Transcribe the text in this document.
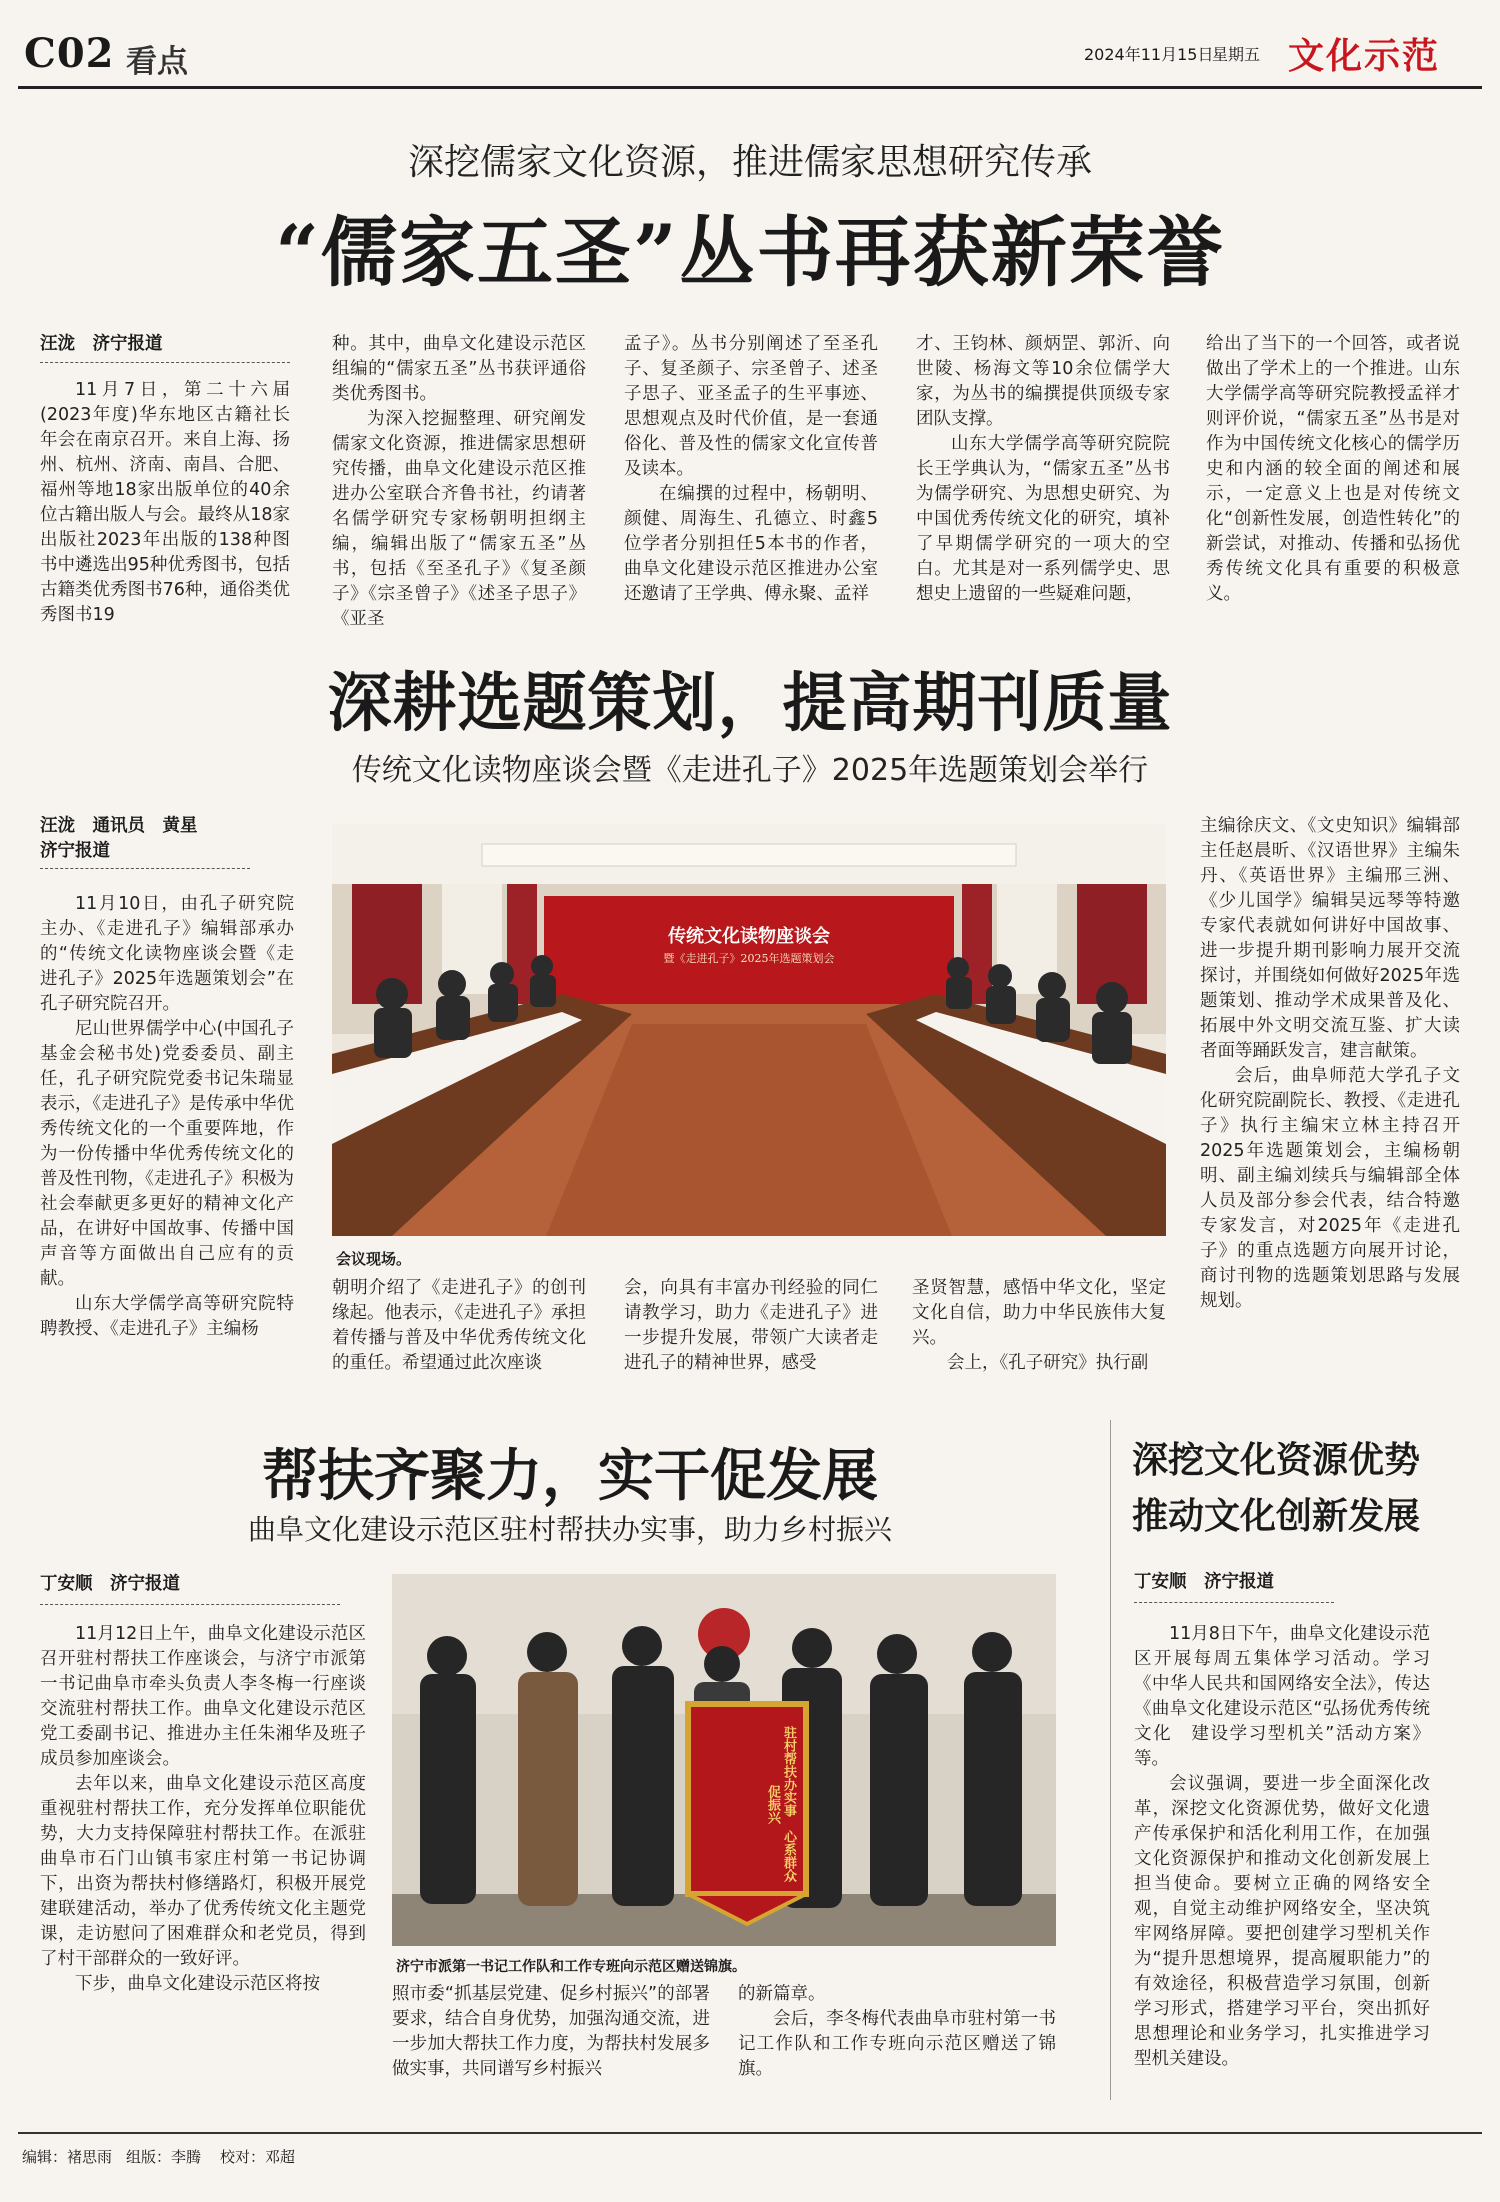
C02 看点	2024年11月15日
星期五 文化示范
深挖儒家文化资源，推进儒家思想研究传承
“儒家五圣”丛书再获新荣誉
汪泷　济宁报道

11月7日，第二十六届(2023年度)华东地区古籍社长年会在南京召开。来自上海、扬州、杭州、济南、南昌、合肥、福州等地18家出版单位的40余位古籍出版人与会。最终从18家出版社2023年出版的138种图书中遴选出95种优秀图书，包括古籍类优秀图书76种，通俗类优秀图书19

种。其中，曲阜文化建设示范区组编的“儒家五圣”丛书获评通俗类优秀图书。

为深入挖掘整理、研究阐发儒家文化资源，推进儒家思想研究传播，曲阜文化建设示范区推进办公室联合齐鲁书社，约请著名儒学研究专家杨朝明担纲主编，编辑出版了“儒家五圣”丛书，包括《至圣孔子》《复圣颜子》《宗圣曾子》《述圣子思子》《亚圣

孟子》。丛书分别阐述了至圣孔子、复圣颜子、宗圣曾子、述圣子思子、亚圣孟子的生平事迹、思想观点及时代价值，是一套通俗化、普及性的儒家文化宣传普及读本。

在编撰的过程中，杨朝明、颜健、周海生、孔德立、时鑫5位学者分别担任5本书的作者，曲阜文化建设示范区推进办公室还邀请了王学典、傅永聚、孟祥

才、王钧林、颜炳罡、郭沂、向世陵、杨海文等10余位儒学大家，为丛书的编撰提供顶级专家团队支撑。

山东大学儒学高等研究院院长王学典认为，“儒家五圣”丛书为儒学研究、为思想史研究、为中国优秀传统文化的研究，填补了早期儒学研究的一项大的空白。尤其是对一系列儒学史、思想史上遗留的一些疑难问题，

给出了当下的一个回答，或者说做出了学术上的一个推进。山东大学儒学高等研究院教授孟祥才则评价说，“儒家五圣”丛书是对作为中国传统文化核心的儒学历史和内涵的较全面的阐述和展示，一定意义上也是对传统文化“创新性发展，创造性转化”的新尝试，对推动、传播和弘扬优秀传统文化具有重要的积极意义。

深耕选题策划，提高期刊质量
传统文化读物座谈会暨《走进孔子》2025年选题策划会举行
汪泷　通讯员　黄星
济宁报道

11月10日，由孔子研究院主办、《走进孔子》编辑部承办的“传统文化读物座谈会暨《走进孔子》2025年选题策划会”在孔子研究院召开。

尼山世界儒学中心(中国孔子基金会秘书处)党委委员、副主任，孔子研究院党委书记朱瑞显表示，《走进孔子》是传承中华优秀传统文化的一个重要阵地，作为一份传播中华优秀传统文化的普及性刊物，《走进孔子》积极为社会奉献更多更好的精神文化产品，在讲好中国故事、传播中国声音等方面做出自己应有的贡献。

山东大学儒学高等研究院特聘教授、《走进孔子》主编杨

传统文化读物座谈会
暨《走进孔子》2025年选题策划会
会议现场。

朝明介绍了《走进孔子》的创刊缘起。他表示，《走进孔子》承担着传播与普及中华优秀传统文化的重任。希望通过此次座谈

会，向具有丰富办刊经验的同仁请教学习，助力《走进孔子》进一步提升发展，带领广大读者走进孔子的精神世界，感受

圣贤智慧，感悟中华文化，坚定文化自信，助力中华民族伟大复兴。

会上，《孔子研究》执行副

主编徐庆文、《文史知识》编辑部主任赵晨昕、《汉语世界》主编朱丹、《英语世界》主编邢三洲、《少儿国学》编辑吴远琴等特邀专家代表就如何讲好中国故事、进一步提升期刊影响力展开交流探讨，并围绕如何做好2025年选题策划、推动学术成果普及化、拓展中外文明交流互鉴、扩大读者面等踊跃发言，建言献策。

会后，曲阜师范大学孔子文化研究院副院长、教授、《走进孔子》执行主编宋立林主持召开2025年选题策划会，主编杨朝明、副主编刘续兵与编辑部全体人员及部分参会代表，结合特邀专家发言，对2025年《走进孔子》的重点选题方向展开讨论，商讨刊物的选题策划思路与发展规划。

帮扶齐聚力，实干促发展
曲阜文化建设示范区驻村帮扶办实事，助力乡村振兴
丁安顺　济宁报道

11月12日上午，曲阜文化建设示范区召开驻村帮扶工作座谈会，与济宁市派第一书记曲阜市牵头负责人李冬梅一行座谈交流驻村帮扶工作。曲阜文化建设示范区党工委副书记、推进办主任朱湘华及班子成员参加座谈会。

去年以来，曲阜文化建设示范区高度重视驻村帮扶工作，充分发挥单位职能优势，大力支持保障驻村帮扶工作。在派驻曲阜市石门山镇韦家庄村第一书记协调下，出资为帮扶村修缮路灯，积极开展党建联建活动，举办了优秀传统文化主题党课，走访慰问了困难群众和老党员，得到了村干部群众的一致好评。

下步，曲阜文化建设示范区将按

驻村帮扶办实事　心系群众促振兴
济宁市派第一书记工作队和工作专班向示范区赠送锦旗。

照市委“抓基层党建、促乡村振兴”的部署要求，结合自身优势，加强沟通交流，进一步加大帮扶工作力度，为帮扶村发展多做实事，共同谱写乡村振兴

的新篇章。

会后，李冬梅代表曲阜市驻村第一书记工作队和工作专班向示范区赠送了锦旗。

深挖文化资源优势
推动文化创新发展
丁安顺　济宁报道

11月8日下午，曲阜文化建设示范区开展每周五集体学习活动。学习《中华人民共和国网络安全法》，传达《曲阜文化建设示范区“弘扬优秀传统文化　建设学习型机关”活动方案》等。

会议强调，要进一步全面深化改革，深挖文化资源优势，做好文化遗产传承保护和活化利用工作，在加强文化资源保护和推动文化创新发展上担当使命。要树立正确的网络安全观，自觉主动维护网络安全，坚决筑牢网络屏障。要把创建学习型机关作为“提升思想境界，提高履职能力”的有效途径，积极营造学习氛围，创新学习形式，搭建学习平台，突出抓好思想理论和业务学习，扎实推进学习型机关建设。

编辑：褚思雨 组版：李腾 校对：邓超
